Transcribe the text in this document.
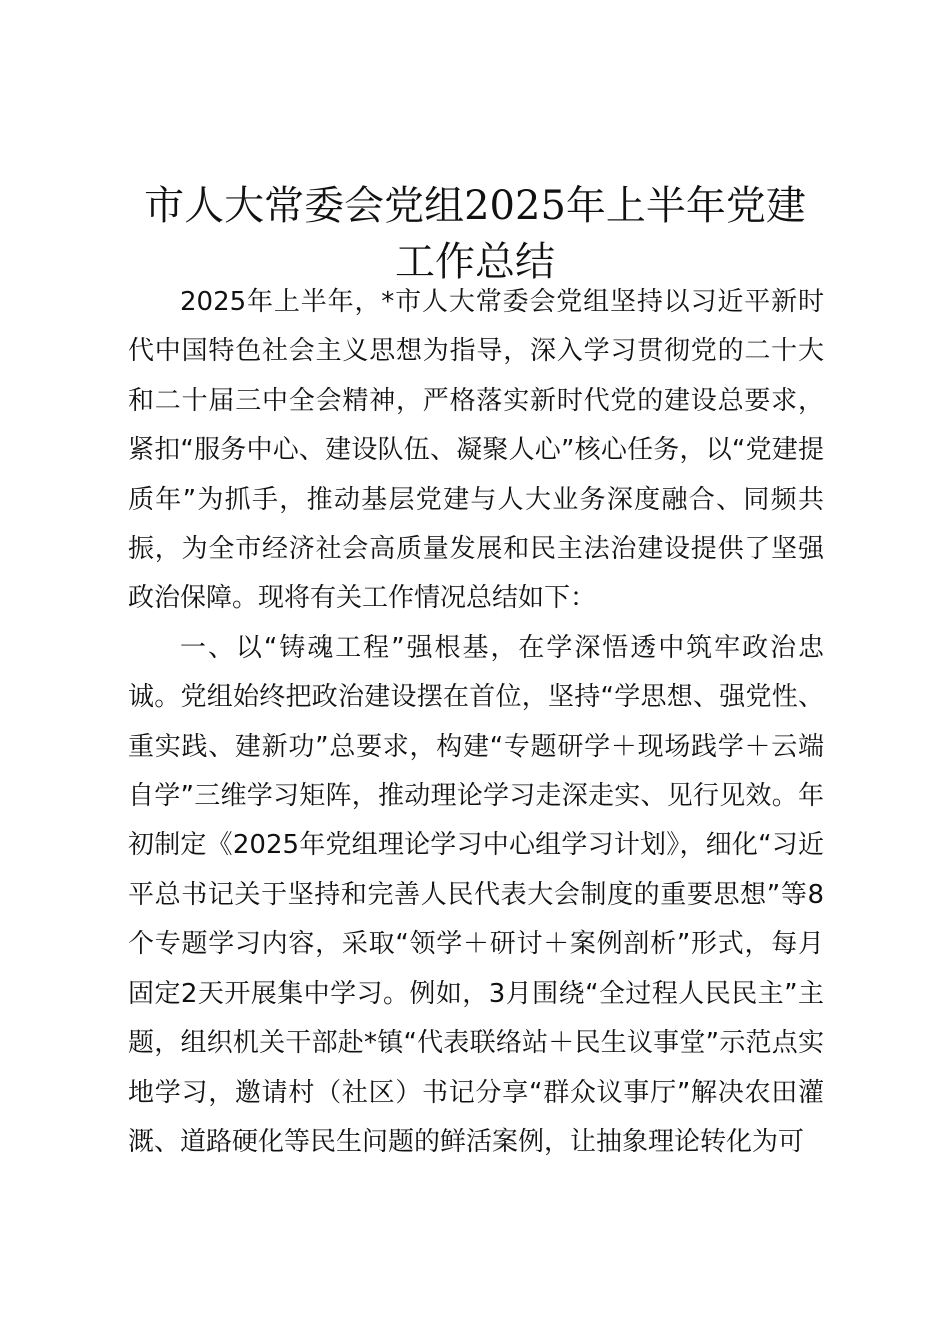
市人大常委会党组2025年上半年党建
工作总结

2025年上半年，*市人大常委会党组坚持以习近平新时代中国特色社会主义思想为指导，深入学习贯彻党的二十大和二十届三中全会精神，严格落实新时代党的建设总要求，紧扣“服务中心、建设队伍、凝聚人心”核心任务，以“党建提质年”为抓手，推动基层党建与人大业务深度融合、同频共振，为全市经济社会高质量发展和民主法治建设提供了坚强政治保障。现将有关工作情况总结如下：

一、以“铸魂工程”强根基，在学深悟透中筑牢政治忠诚。党组始终把政治建设摆在首位，坚持“学思想、强党性、重实践、建新功”总要求，构建“专题研学＋现场践学＋云端自学”三维学习矩阵，推动理论学习走深走实、见行见效。年初制定《2025年党组理论学习中心组学习计划》，细化“习近平总书记关于坚持和完善人民代表大会制度的重要思想”等8个专题学习内容，采取“领学＋研讨＋案例剖析”形式，每月固定2天开展集中学习。例如，3月围绕“全过程人民民主”主题，组织机关干部赴*镇“代表联络站＋民生议事堂”示范点实地学习，邀请村（社区）书记分享“群众议事厅”解决农田灌溉、道路硬化等民生问题的鲜活案例，让抽象理论转化为可
